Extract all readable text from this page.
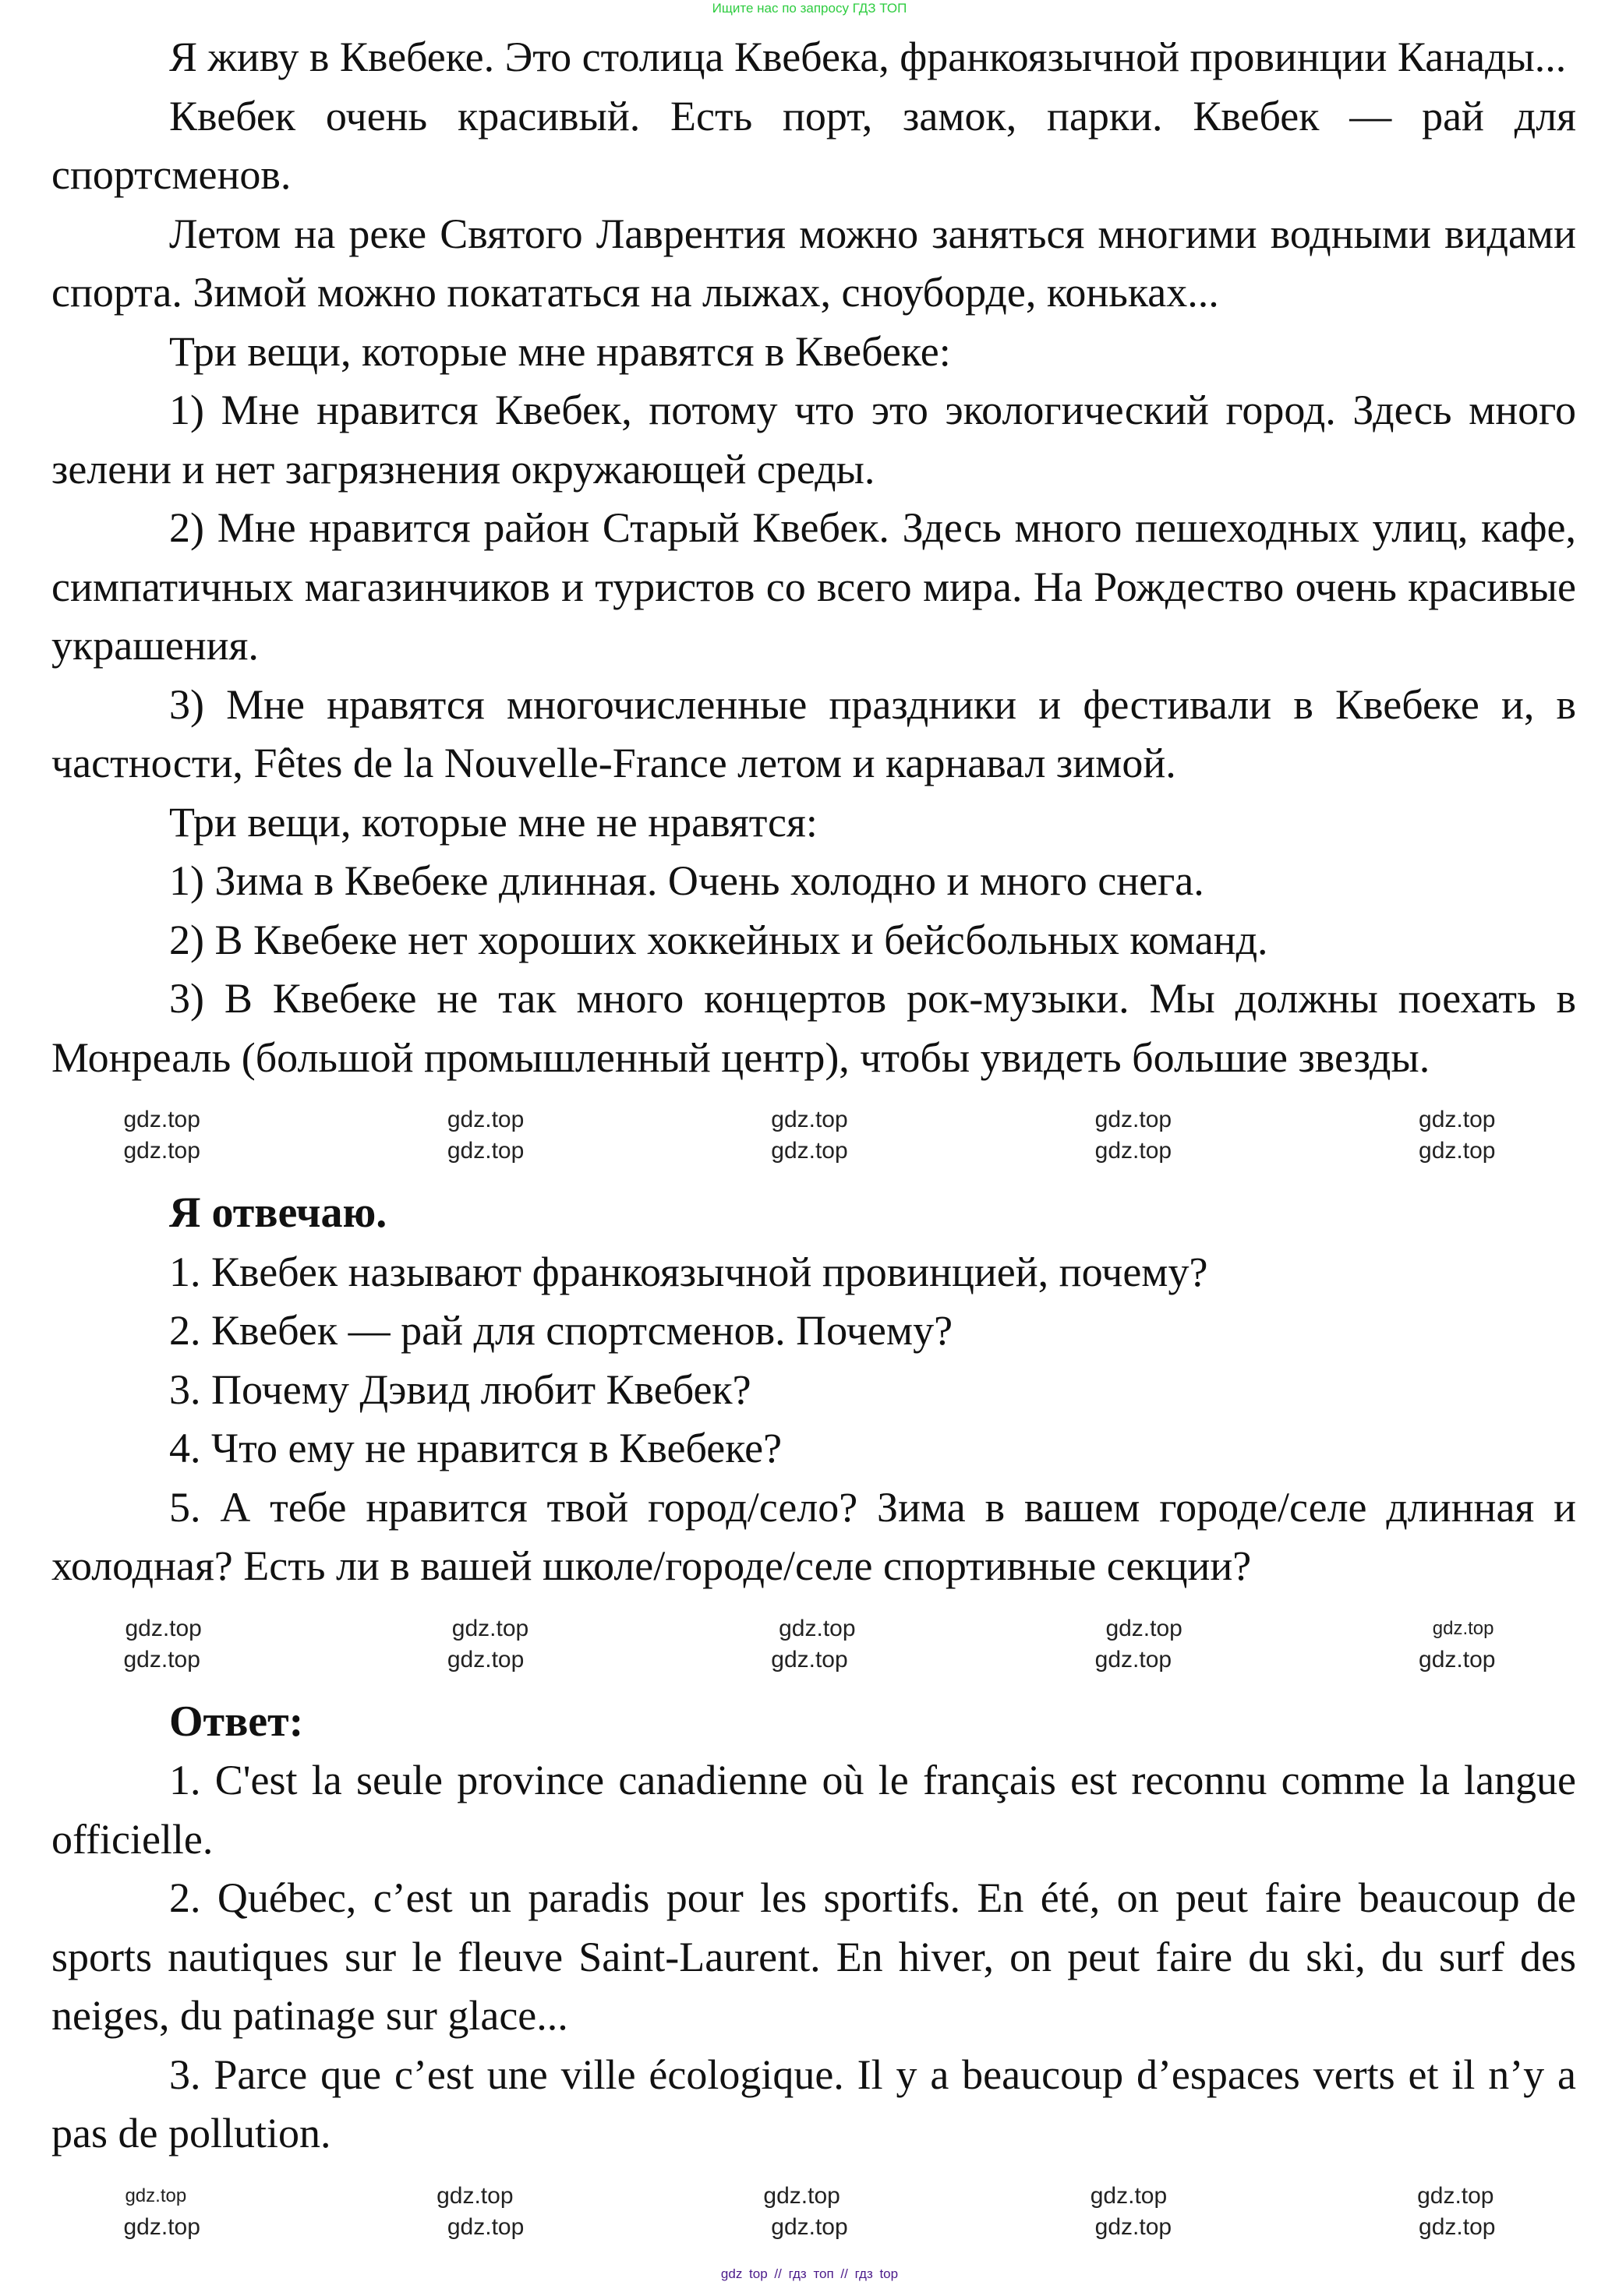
Ищите нас по запросу ГДЗ ТОП

Я живу в Квебеке. Это столица Квебека, франкоязычной провинции Канады...

Квебек очень красивый. Есть порт, замок, парки. Квебек — рай для спортсменов.

Летом на реке Святого Лаврентия можно заняться многими водными видами спорта. Зимой можно покататься на лыжах, сноуборде, коньках...

Три вещи, которые мне нравятся в Квебеке:

1) Мне нравится Квебек, потому что это экологический город. Здесь много зелени и нет загрязнения окружающей среды.

2) Мне нравится район Старый Квебек. Здесь много пешеходных улиц, кафе, симпатичных магазинчиков и туристов со всего мира. На Рождество очень красивые украшения.

3) Мне нравятся многочисленные праздники и фестивали в Квебеке и, в частности, Fêtes de la Nouvelle-France летом и карнавал зимой.

Три вещи, которые мне не нравятся:

1) Зима в Квебеке длинная. Очень холодно и много снега.

2) В Квебеке нет хороших хоккейных и бейсбольных команд.

3) В Квебеке не так много концертов рок-музыки. Мы должны поехать в Монреаль (большой промышленный центр), чтобы увидеть большие звезды.

gdz.top	gdz.top	gdz.top	gdz.top	gdz.top
gdz.top	gdz.top	gdz.top	gdz.top	gdz.top
Я отвечаю.

1. Квебек называют франкоязычной провинцией, почему?

2. Квебек — рай для спортсменов. Почему?

3. Почему Дэвид любит Квебек?

4. Что ему не нравится в Квебеке?

5. А тебе нравится твой город/село? Зима в вашем городе/селе длинная и холодная? Есть ли в вашей школе/городе/селе спортивные секции?

gdz.top	gdz.top	gdz.top	gdz.top	gdz.top
gdz.top	gdz.top	gdz.top	gdz.top	gdz.top
Ответ:

1. C'est la seule province canadienne où le français est reconnu comme la langue officielle.

2. Québec, c’est un paradis pour les sportifs. En été, on peut faire beaucoup de sports nautiques sur le fleuve Saint-Laurent. En hiver, on peut faire du ski, du surf des neiges, du patinage sur glace...

3. Parce que c’est une ville écologique. Il y a beaucoup d’espaces verts et il n’y a pas de pollution.

gdz.top	gdz.top	gdz.top	gdz.top	gdz.top
gdz.top	gdz.top	gdz.top	gdz.top	gdz.top
gdz top // гдз топ // гдз top
